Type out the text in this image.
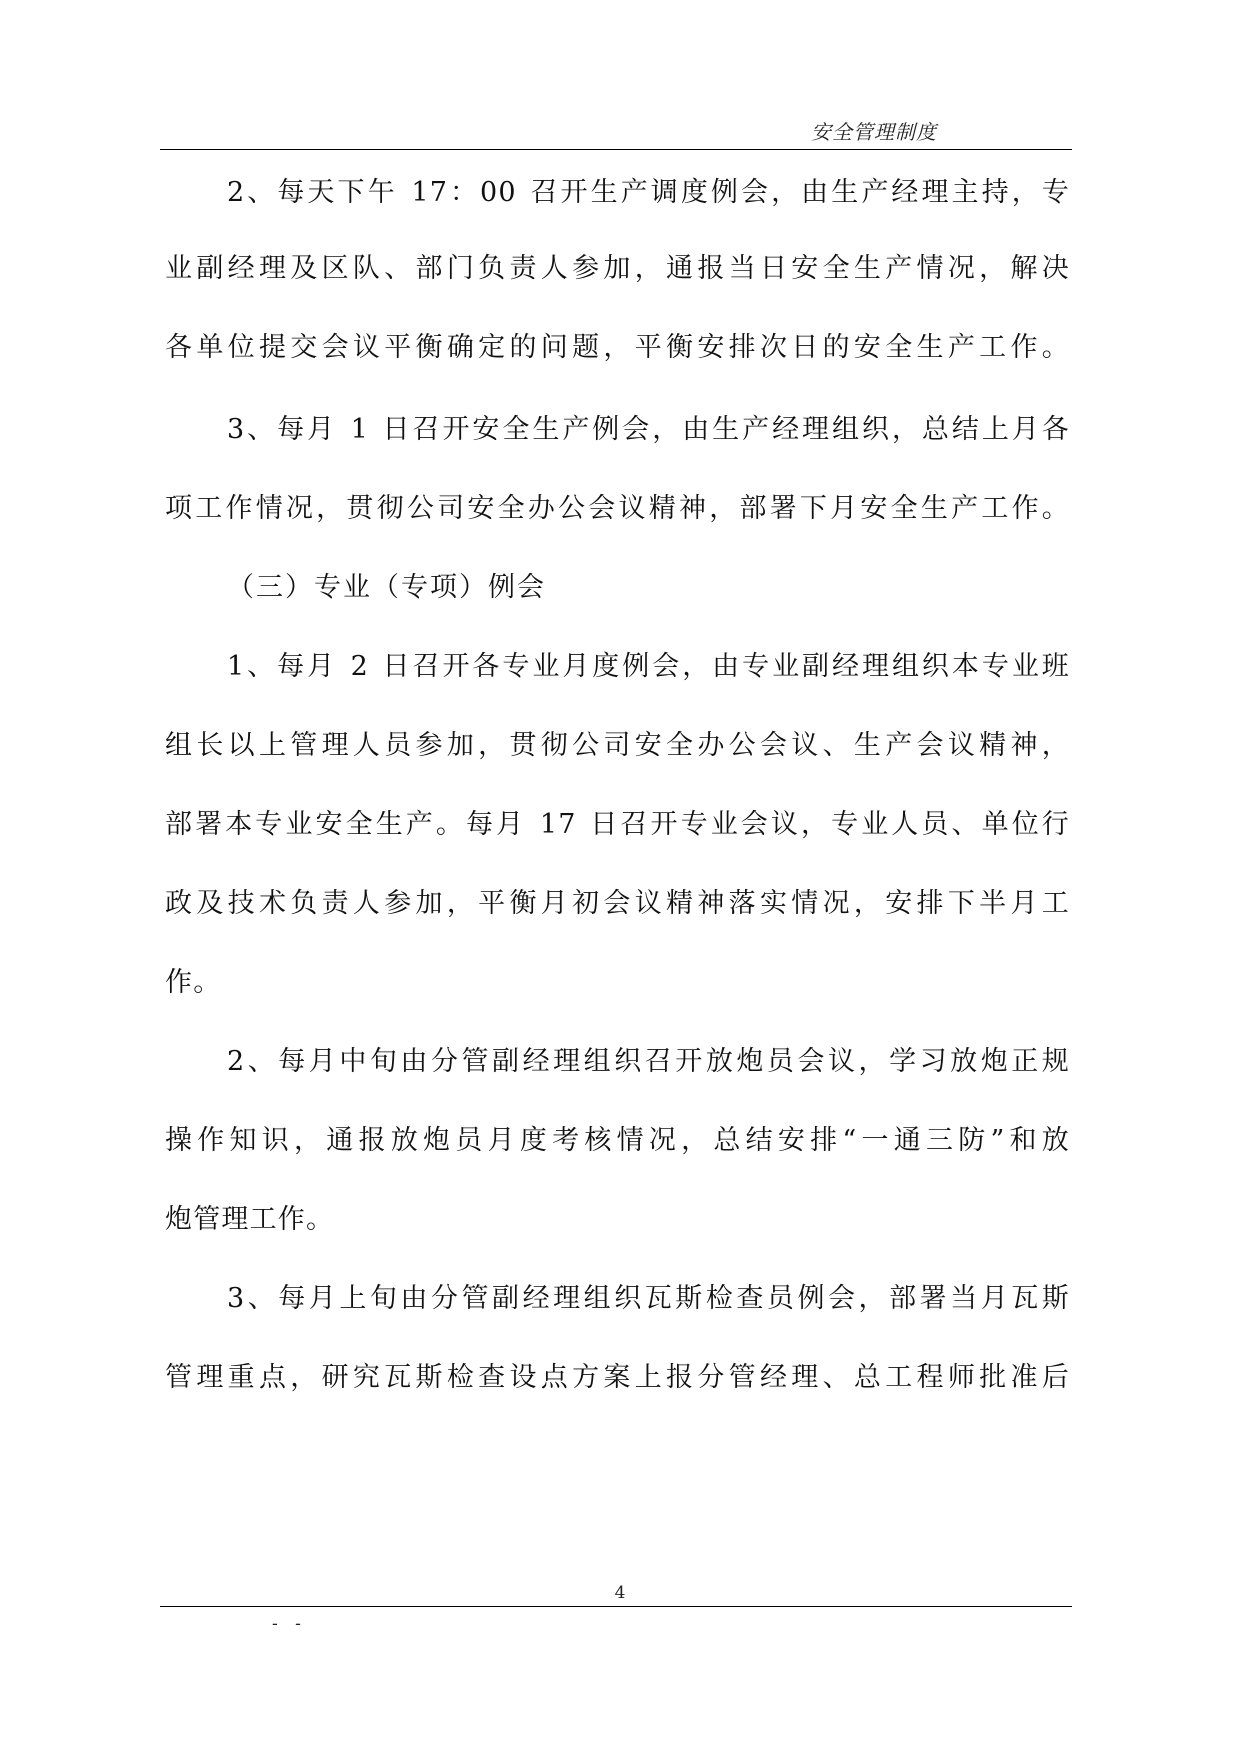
安全管理制度
2、每天下午 17：00 召开生产调度例会，由生产经理主持，专
业副经理及区队、部门负责人参加，通报当日安全生产情况，解决
各单位提交会议平衡确定的问题，平衡安排次日的安全生产工作。
3、每月 1 日召开安全生产例会，由生产经理组织，总结上月各
项工作情况，贯彻公司安全办公会议精神，部署下月安全生产工作。
（三）专业（专项）例会
1、每月 2 日召开各专业月度例会，由专业副经理组织本专业班
组长以上管理人员参加，贯彻公司安全办公会议、生产会议精神，
部署本专业安全生产。每月 17 日召开专业会议，专业人员、单位行
政及技术负责人参加，平衡月初会议精神落实情况，安排下半月工
作。
2、每月中旬由分管副经理组织召开放炮员会议，学习放炮正规
操作知识，通报放炮员月度考核情况，总结安排“一通三防”和放
炮管理工作。
3、每月上旬由分管副经理组织瓦斯检查员例会，部署当月瓦斯
管理重点，研究瓦斯检查设点方案上报分管经理、总工程师批准后
4
- -
